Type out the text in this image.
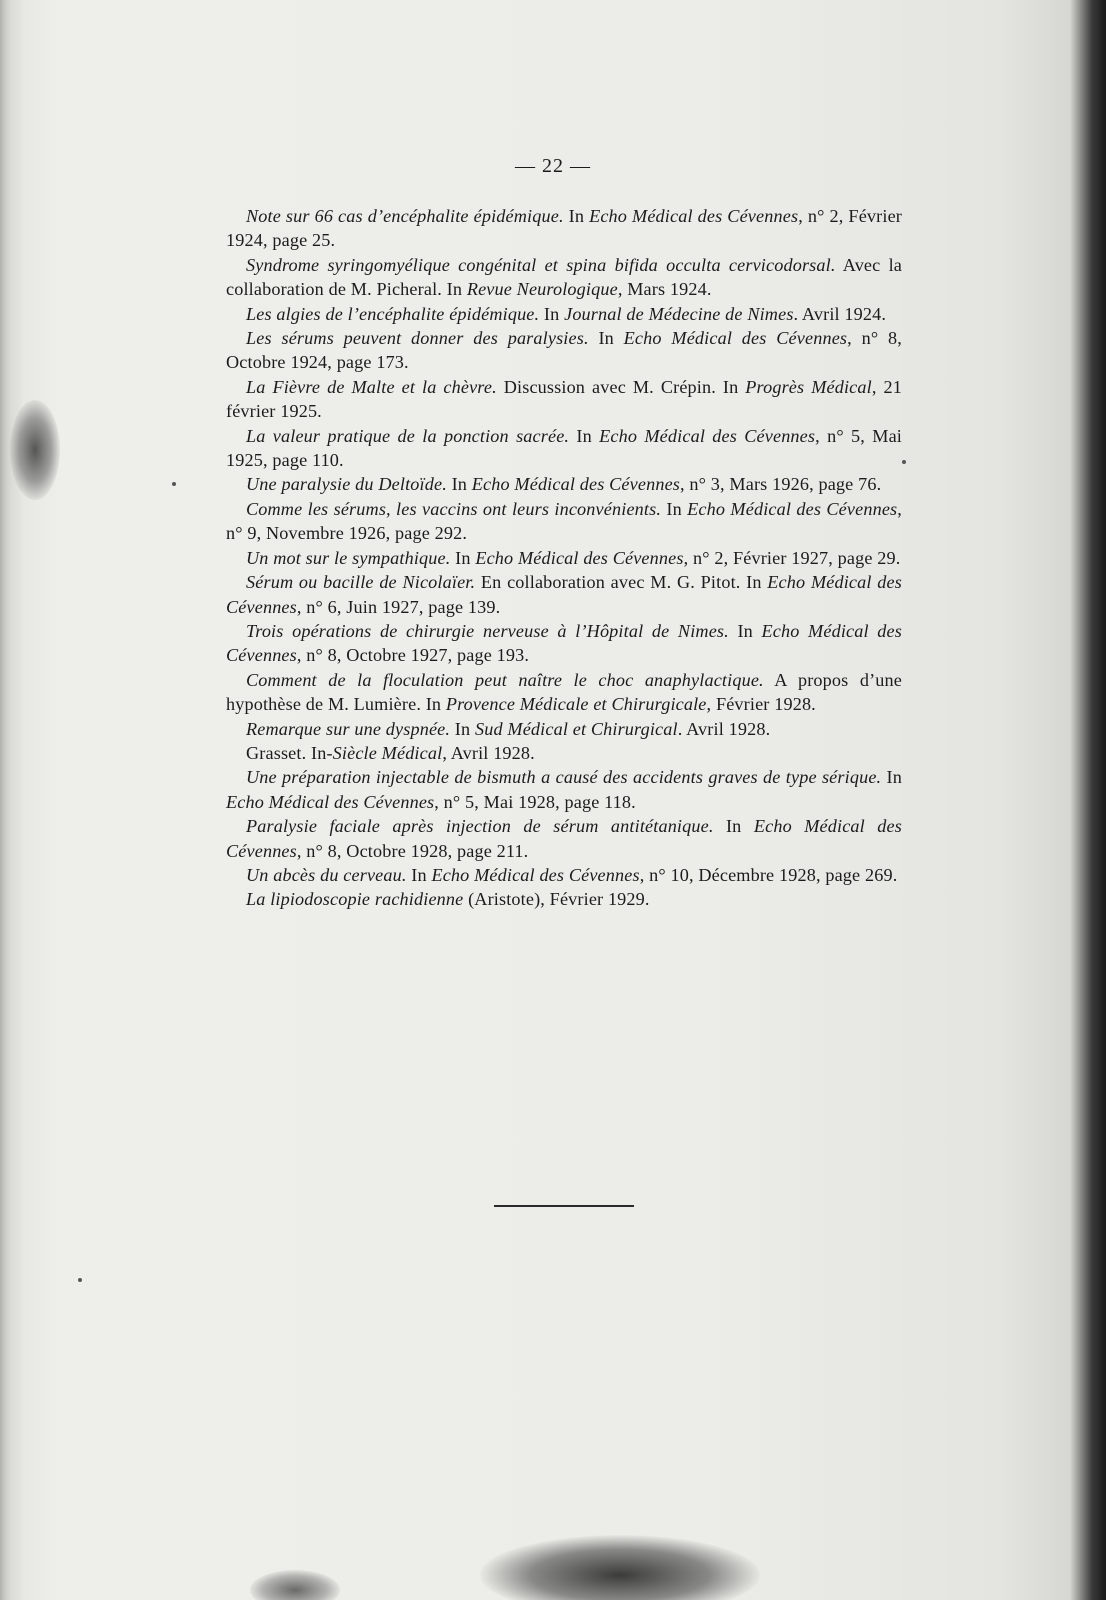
— 22 —

Note sur 66 cas d’encéphalite épidémique. In Echo Médical des Cévennes, n° 2, Février 1924, page 25.

Syndrome syringomyélique congénital et spina bifida occulta cervicodorsal. Avec la collaboration de M. Picheral. In Revue Neurologique, Mars 1924.

Les algies de l’encéphalite épidémique. In Journal de Médecine de Nimes. Avril 1924.

Les sérums peuvent donner des paralysies. In Echo Médical des Cévennes, n° 8, Octobre 1924, page 173.

La Fièvre de Malte et la chèvre. Discussion avec M. Crépin. In Progrès Médical, 21 février 1925.

La valeur pratique de la ponction sacrée. In Echo Médical des Cévennes, n° 5, Mai 1925, page 110.

Une paralysie du Deltoïde. In Echo Médical des Cévennes, n° 3, Mars 1926, page 76.

Comme les sérums, les vaccins ont leurs inconvénients. In Echo Médical des Cévennes, n° 9, Novembre 1926, page 292.

Un mot sur le sympathique. In Echo Médical des Cévennes, n° 2, Février 1927, page 29.

Sérum ou bacille de Nicolaïer. En collaboration avec M. G. Pitot. In Echo Médical des Cévennes, n° 6, Juin 1927, page 139.

Trois opérations de chirurgie nerveuse à l’Hôpital de Nimes. In Echo Médical des Cévennes, n° 8, Octobre 1927, page 193.

Comment de la floculation peut naître le choc anaphylactique. A propos d’une hypothèse de M. Lumière. In Provence Médicale et Chirurgicale, Février 1928.

Remarque sur une dyspnée. In Sud Médical et Chirurgical. Avril 1928.

Grasset. In-Siècle Médical, Avril 1928.

Une préparation injectable de bismuth a causé des accidents graves de type sérique. In Echo Médical des Cévennes, n° 5, Mai 1928, page 118.

Paralysie faciale après injection de sérum antitétanique. In Echo Médical des Cévennes, n° 8, Octobre 1928, page 211.

Un abcès du cerveau. In Echo Médical des Cévennes, n° 10, Décembre 1928, page 269.

La lipiodoscopie rachidienne (Aristote), Février 1929.
